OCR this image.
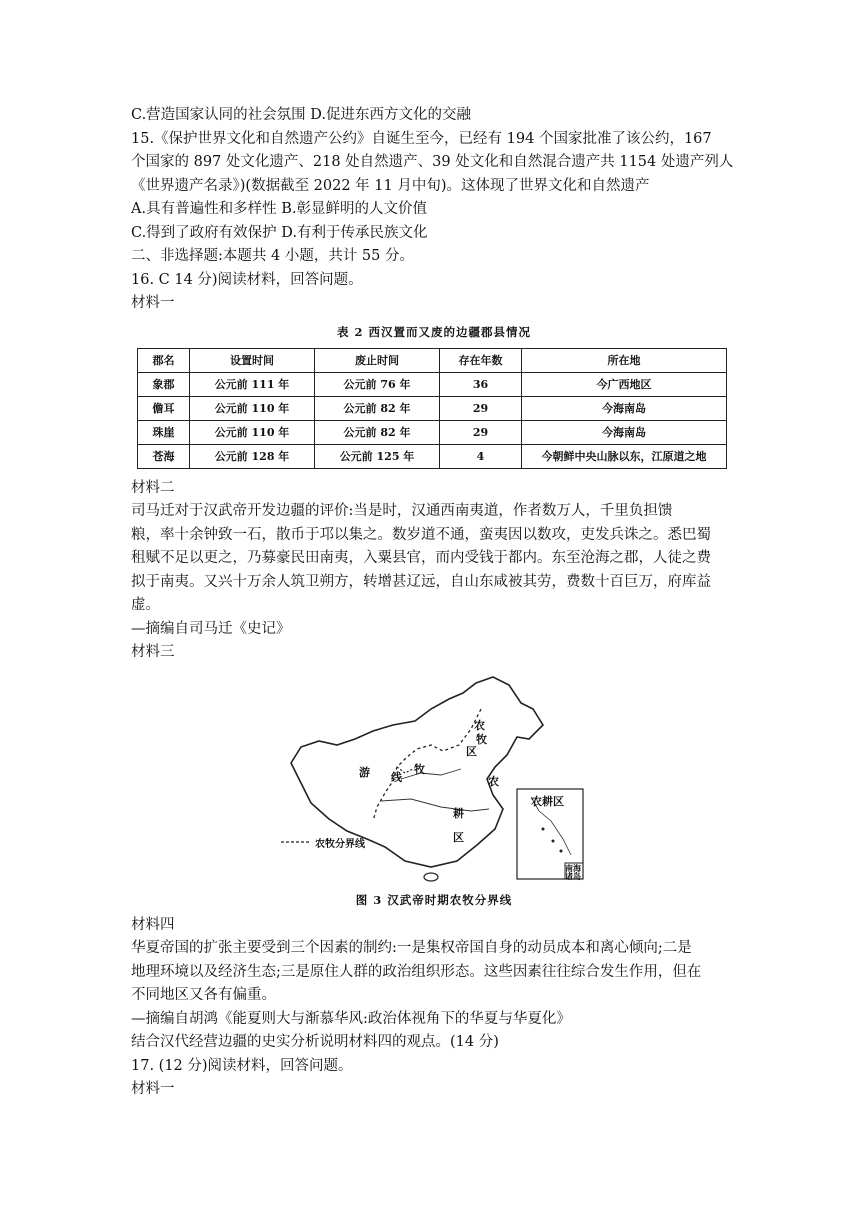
C.营造国家认同的社会氛围 D.促进东西方文化的交融
15.《保护世界文化和自然遗产公约》自诞生至今，已经有 194 个国家批准了该公约，167
个国家的 897 处文化遗产、218 处自然遗产、39 处文化和自然混合遗产共 1154 处遗产列人
《世界遗产名录》)(数据截至 2022 年 11 月中旬)。这体现了世界文化和自然遗产
A.具有普遍性和多样性 B.彰显鲜明的人文价值
C.得到了政府有效保护 D.有利于传承民族文化
二、非选择题:本题共 4 小题，共计 55 分。
16. C 14 分)阅读材料，回答问题。
材料一
表 2 西汉置而又废的边疆郡县情况
郡名	设置时间	废止时间	存在年数	所在地
象郡	公元前 111 年	公元前 76 年	36	今广西地区
儋耳	公元前 110 年	公元前 82 年	29	今海南岛
珠崖	公元前 110 年	公元前 82 年	29	今海南岛
苍海	公元前 128 年	公元前 125 年	4	今朝鲜中央山脉以东，江原道之地
材料二
司马迁对于汉武帝开发边疆的评价:当是时，汉通西南夷道，作者数万人，千里负担馈
粮，率十余钟致一石，散币于邛以集之。数岁道不通，蛮夷因以数攻，吏发兵诛之。悉巴蜀
租赋不足以更之，乃募豪民田南夷，入粟县官，而内受钱于都内。东至沧海之郡，人徒之费
拟于南夷。又兴十万余人筑卫朔方，转增甚辽远，自山东咸被其劳，费数十百巨万，府库益
虚。
—摘编自司马迁《史记》
材料三
农
牧
区
农
游	牧
线
耕
区
农耕区
南海诸岛
农牧分界线
图 3 汉武帝时期农牧分界线
材料四
华夏帝国的扩张主要受到三个因素的制约:一是集权帝国自身的动员成本和离心倾向;二是
地理环境以及经济生态;三是原住人群的政治组织形态。这些因素往往综合发生作用，但在
不同地区又各有偏重。
—摘编自胡鸿《能夏则大与渐慕华风:政治体视角下的华夏与华夏化》
结合汉代经营边疆的史实分析说明材料四的观点。(14 分)
17. (12 分)阅读材料，回答问题。
材料一
